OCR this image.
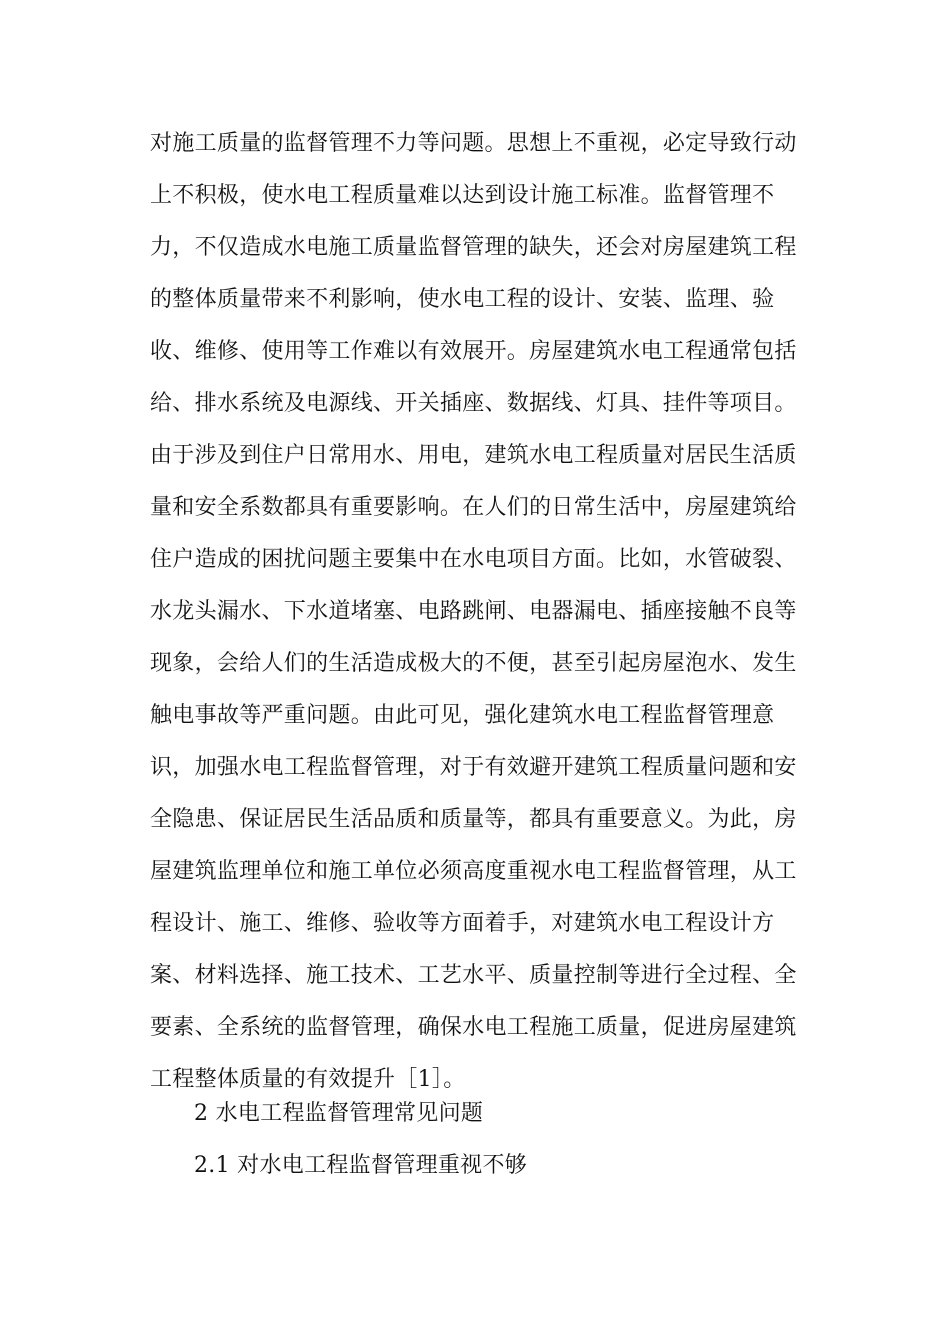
对施工质量的监督管理不力等问题。思想上不重视，必定导致行动
上不积极，使水电工程质量难以达到设计施工标准。监督管理不
力，不仅造成水电施工质量监督管理的缺失，还会对房屋建筑工程
的整体质量带来不利影响，使水电工程的设计、安装、监理、验
收、维修、使用等工作难以有效展开。房屋建筑水电工程通常包括
给、排水系统及电源线、开关插座、数据线、灯具、挂件等项目。
由于涉及到住户日常用水、用电，建筑水电工程质量对居民生活质
量和安全系数都具有重要影响。在人们的日常生活中，房屋建筑给
住户造成的困扰问题主要集中在水电项目方面。比如，水管破裂、
水龙头漏水、下水道堵塞、电路跳闸、电器漏电、插座接触不良等
现象，会给人们的生活造成极大的不便，甚至引起房屋泡水、发生
触电事故等严重问题。由此可见，强化建筑水电工程监督管理意
识，加强水电工程监督管理，对于有效避开建筑工程质量问题和安
全隐患、保证居民生活品质和质量等，都具有重要意义。为此，房
屋建筑监理单位和施工单位必须高度重视水电工程监督管理，从工
程设计、施工、维修、验收等方面着手，对建筑水电工程设计方
案、材料选择、施工技术、工艺水平、质量控制等进行全过程、全
要素、全系统的监督管理，确保水电工程施工质量，促进房屋建筑
工程整体质量的有效提升［1］。
2 水电工程监督管理常见问题
2.1 对水电工程监督管理重视不够
